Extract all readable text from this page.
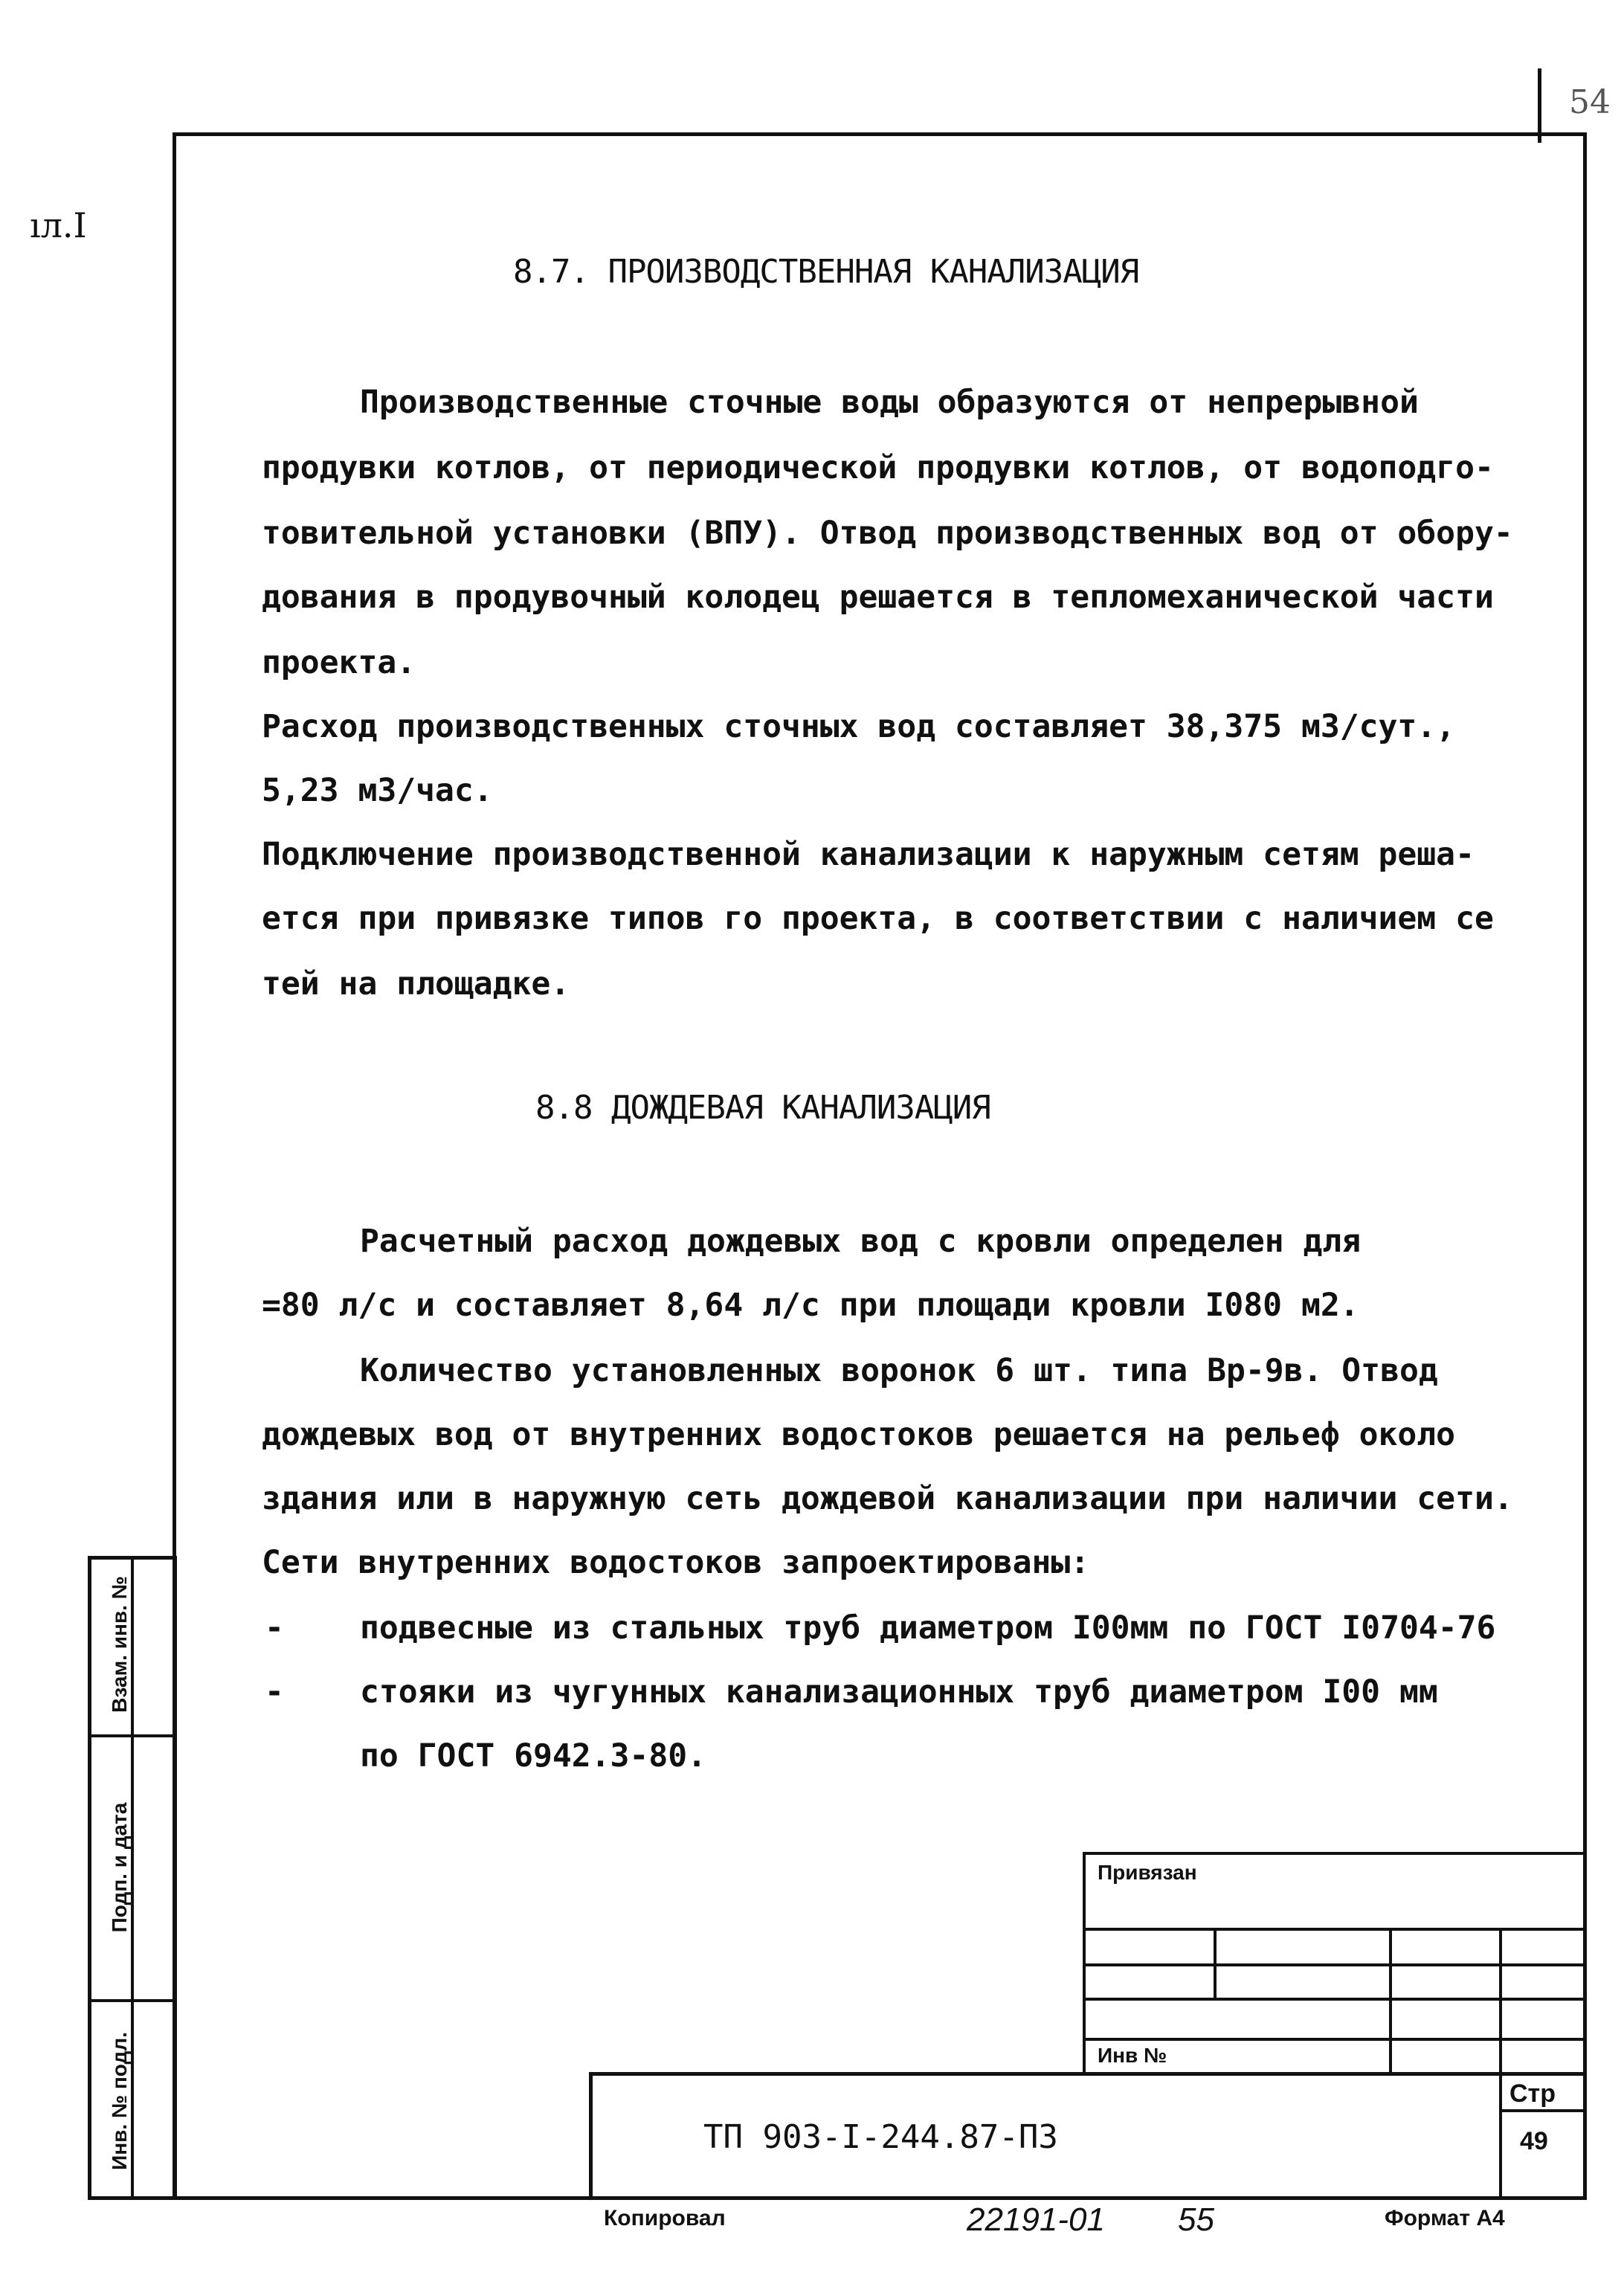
54
ıл.I
Взам. инв. №
Подп. и дата
Инв. № подл.
8.7. ПРОИЗВОДСТВЕННАЯ КАНАЛИЗАЦИЯ
Производственные сточные воды образуются от непрерывной
продувки котлов, от периодической продувки котлов, от водоподго-
товительной установки (ВПУ). Отвод производственных вод от обору-
дования в продувочный колодец решается в тепломеханической части
проекта.
Расход производственных сточных вод составляет 38,375 м3/сут.,
5,23 м3/час.
Подключение производственной канализации к наружным сетям реша-
ется при привязке типов го проекта, в соответствии с наличием се
тей на площадке.
8.8 ДОЖДЕВАЯ КАНАЛИЗАЦИЯ
Расчетный расход дождевых вод с кровли определен для
=80 л/с и составляет 8,64 л/с при площади кровли I080 м2.
Количество установленных воронок 6 шт. типа Вр-9в. Отвод
дождевых вод от внутренних водостоков решается на рельеф около
здания или в наружную сеть дождевой канализации при наличии сети.
Сети внутренних водостоков запроектированы:
- подвесные из стальных труб диаметром I00мм по ГОСТ I0704-76
- стояки из чугунных канализационных труб диаметром I00 мм
по ГОСТ 6942.3-80.
Привязан
Инв №
ТП 903-I-244.87-ПЗ
Стр
49
Копировал	22191-01 55	Формат А4
